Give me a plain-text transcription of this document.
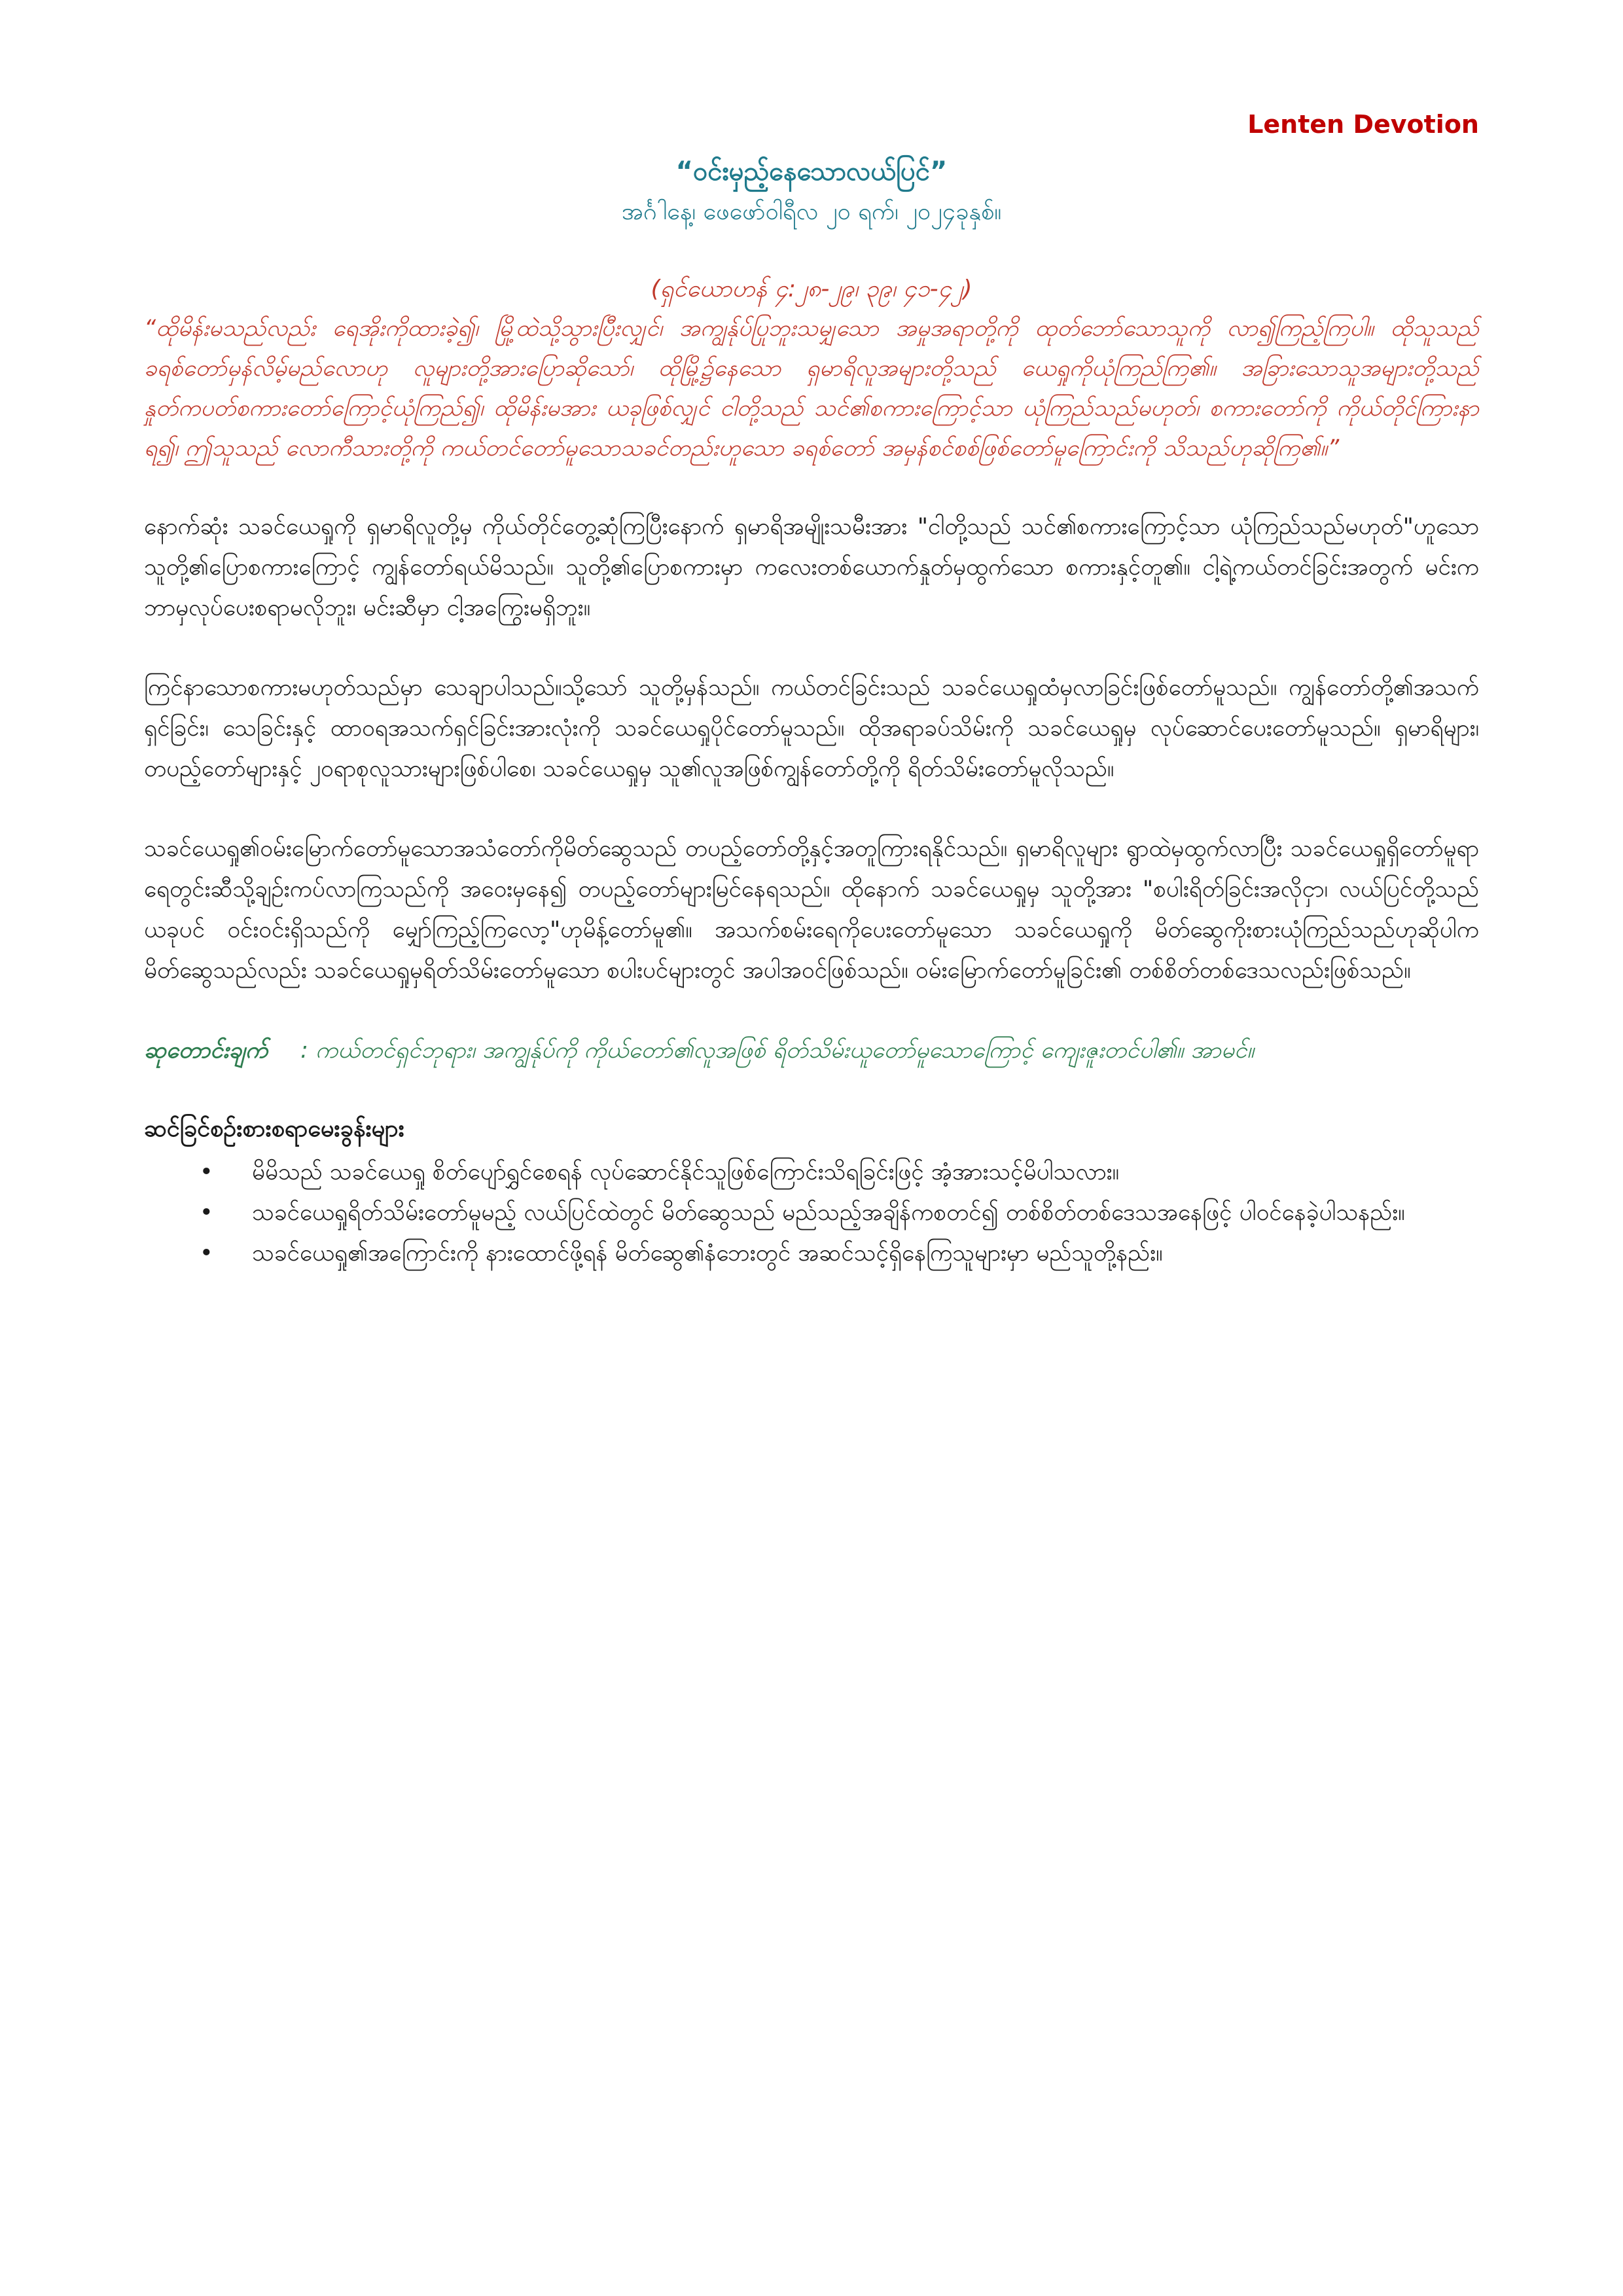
Lenten Devotion
“ဝင်းမှည့်နေသောလယ်ပြင်”
အင်္ဂါနေ့၊ ဖေဖော်ဝါရီလ ၂၀ ရက်၊ ၂၀၂၄ခုနှစ်။
(ရှင်ယောဟန် ၄:၂၈-၂၉၊ ၃၉၊ ၄၁-၄၂)

“ထိုမိန်းမသည်လည်း ရေအိုးကိုထားခဲ့၍၊ မြို့ထဲသို့သွားပြီးလျှင်၊ အကျွန်ုပ်ပြုဘူးသမျှသော အမှုအရာတို့ကို ထုတ်ဘော်သောသူကို လာ၍ကြည့်ကြပါ။ ထိုသူသည် ခရစ်တော်မှန်လိမ့်မည်လောဟု လူများတို့အားပြောဆိုသော်၊ ထိုမြို့၌နေသော ရှမာရိလူအများတို့သည် ယေရှုကိုယုံကြည်ကြ၏။ အခြားသောသူအများတို့သည် နှုတ်ကပတ်စကားတော်ကြောင့်ယုံကြည်၍၊ ထိုမိန်းမအား ယခုဖြစ်လျှင် ငါတို့သည် သင်၏စကားကြောင့်သာ ယုံကြည်သည်မဟုတ်၊ စကားတော်ကို ကိုယ်တိုင်ကြားနာရ၍၊ ဤသူသည် လောကီသားတို့ကို ကယ်တင်တော်မူသောသခင်တည်းဟူသော ခရစ်တော် အမှန်စင်စစ်ဖြစ်တော်မူကြောင်းကို သိသည်ဟုဆိုကြ၏။”

နောက်ဆုံး သခင်ယေရှုကို ရှမာရိလူတို့မှ ကိုယ်တိုင်တွေ့ဆုံကြပြီးနောက် ရှမာရိအမျိုးသမီးအား "ငါတို့သည် သင်၏စကားကြောင့်သာ ယုံကြည်သည်မဟုတ်"ဟူသောသူတို့၏ပြောစကားကြောင့် ကျွန်တော်ရယ်မိသည်။ သူတို့၏ပြောစကားမှာ ကလေးတစ်ယောက်နှုတ်မှထွက်သော စကားနှင့်တူ၏။ ငါ့ရဲ့ကယ်တင်ခြင်းအတွက် မင်းကဘာမှလုပ်ပေးစရာမလိုဘူး၊ မင်းဆီမှာ ငါ့အကြွေးမရှိဘူး။

ကြင်နာသောစကားမဟုတ်သည်မှာ သေချာပါသည်။သို့သော် သူတို့မှန်သည်။ ကယ်တင်ခြင်းသည် သခင်ယေရှုထံမှလာခြင်းဖြစ်တော်မူသည်။ ကျွန်တော်တို့၏အသက်ရှင်ခြင်း၊ သေခြင်းနှင့် ထာဝရအသက်ရှင်ခြင်းအားလုံးကို သခင်ယေရှုပိုင်တော်မူသည်။ ထိုအရာခပ်သိမ်းကို သခင်ယေရှုမှ လုပ်ဆောင်ပေးတော်မူသည်။ ရှမာရိများ၊ တပည့်တော်များနှင့် ၂၀ရာစုလူသားများဖြစ်ပါစေ၊ သခင်ယေရှုမှ သူ၏လူအဖြစ်ကျွန်တော်တို့ကို ရိတ်သိမ်းတော်မူလိုသည်။

သခင်ယေရှု၏ဝမ်းမြောက်တော်မူသောအသံတော်ကိုမိတ်ဆွေသည် တပည့်တော်တို့နှင့်အတူကြားရနိုင်သည်။ ရှမာရိလူများ ရွာထဲမှထွက်လာပြီး သခင်ယေရှုရှိတော်မူရာ ရေတွင်းဆီသို့ချဉ်းကပ်လာကြသည်ကို အဝေးမှနေ၍ တပည့်တော်များမြင်နေရသည်။ ထိုနောက် သခင်ယေရှုမှ သူတို့အား "စပါးရိတ်ခြင်းအလိုငှာ၊ လယ်ပြင်တို့သည် ယခုပင် ဝင်းဝင်းရှိသည်ကို မျှော်ကြည့်ကြလော့"ဟုမိန့်တော်မူ၏။ အသက်စမ်းရေကိုပေးတော်မူသော သခင်ယေရှုကို မိတ်ဆွေကိုးစားယုံကြည်သည်ဟုဆိုပါက မိတ်ဆွေသည်လည်း သခင်ယေရှုမှရိတ်သိမ်းတော်မူသော စပါးပင်များတွင် အပါအဝင်ဖြစ်သည်။ ဝမ်းမြောက်တော်မူခြင်း၏ တစ်စိတ်တစ်ဒေသလည်းဖြစ်သည်။

ဆုတောင်းချက် : ကယ်တင်ရှင်ဘုရား၊ အကျွန်ုပ်ကို ကိုယ်တော်၏လူအဖြစ် ရိတ်သိမ်းယူတော်မူသောကြောင့် ကျေးဇူးတင်ပါ၏။ အာမင်။

ဆင်ခြင်စဉ်းစားစရာမေးခွန်းများ
• မိမိသည် သခင်ယေရှု စိတ်ပျော်ရွှင်စေရန် လုပ်ဆောင်နိုင်သူဖြစ်ကြောင်းသိရခြင်းဖြင့် အံ့အားသင့်မိပါသလား။
• သခင်ယေရှုရိတ်သိမ်းတော်မူမည့် လယ်ပြင်ထဲတွင် မိတ်ဆွေသည် မည်သည့်အချိန်ကစတင်၍ တစ်စိတ်တစ်ဒေသအနေဖြင့် ပါဝင်နေခဲ့ပါသနည်း။
• သခင်ယေရှု၏အကြောင်းကို နားထောင်ဖို့ရန် မိတ်ဆွေ၏နံဘေးတွင် အဆင်သင့်ရှိနေကြသူများမှာ မည်သူတို့နည်း။
